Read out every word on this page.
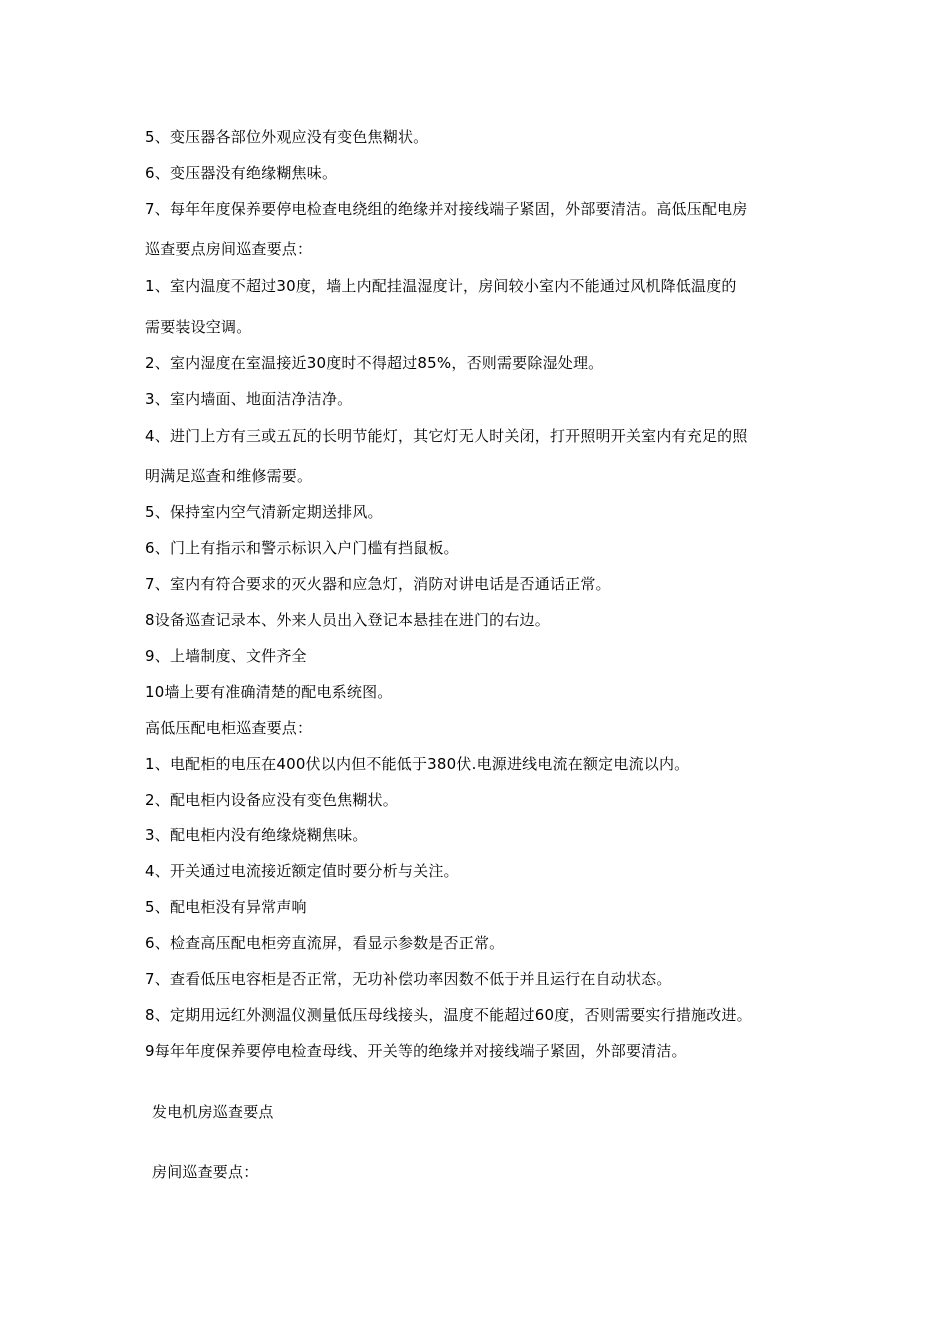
5、变压器各部位外观应没有变色焦糊状。
6、变压器没有绝缘糊焦味。
7、每年年度保养要停电检查电绕组的绝缘并对接线端子紧固，外部要清洁。高低压配电房
巡查要点房间巡查要点：
1、室内温度不超过30度，墙上内配挂温湿度计，房间较小室内不能通过风机降低温度的
需要装设空调。
2、室内湿度在室温接近30度时不得超过85%，否则需要除湿处理。
3、室内墙面、地面洁净洁净。
4、进门上方有三或五瓦的长明节能灯，其它灯无人时关闭，打开照明开关室内有充足的照
明满足巡查和维修需要。
5、保持室内空气清新定期送排风。
6、门上有指示和警示标识入户门槛有挡鼠板。
7、室内有符合要求的灭火器和应急灯，消防对讲电话是否通话正常。
8设备巡查记录本、外来人员出入登记本悬挂在进门的右边。
9、上墙制度、文件齐全
10墙上要有准确清楚的配电系统图。
高低压配电柜巡查要点：
1、电配柜的电压在400伏以内但不能低于380伏.电源进线电流在额定电流以内。
2、配电柜内设备应没有变色焦糊状。
3、配电柜内没有绝缘烧糊焦味。
4、开关通过电流接近额定值时要分析与关注。
5、配电柜没有异常声响
6、检查高压配电柜旁直流屏，看显示参数是否正常。
7、查看低压电容柜是否正常，无功补偿功率因数不低于并且运行在自动状态。
8、定期用远红外测温仪测量低压母线接头，温度不能超过60度，否则需要实行措施改进。
9每年年度保养要停电检查母线、开关等的绝缘并对接线端子紧固，外部要清洁。
发电机房巡查要点
房间巡查要点：
